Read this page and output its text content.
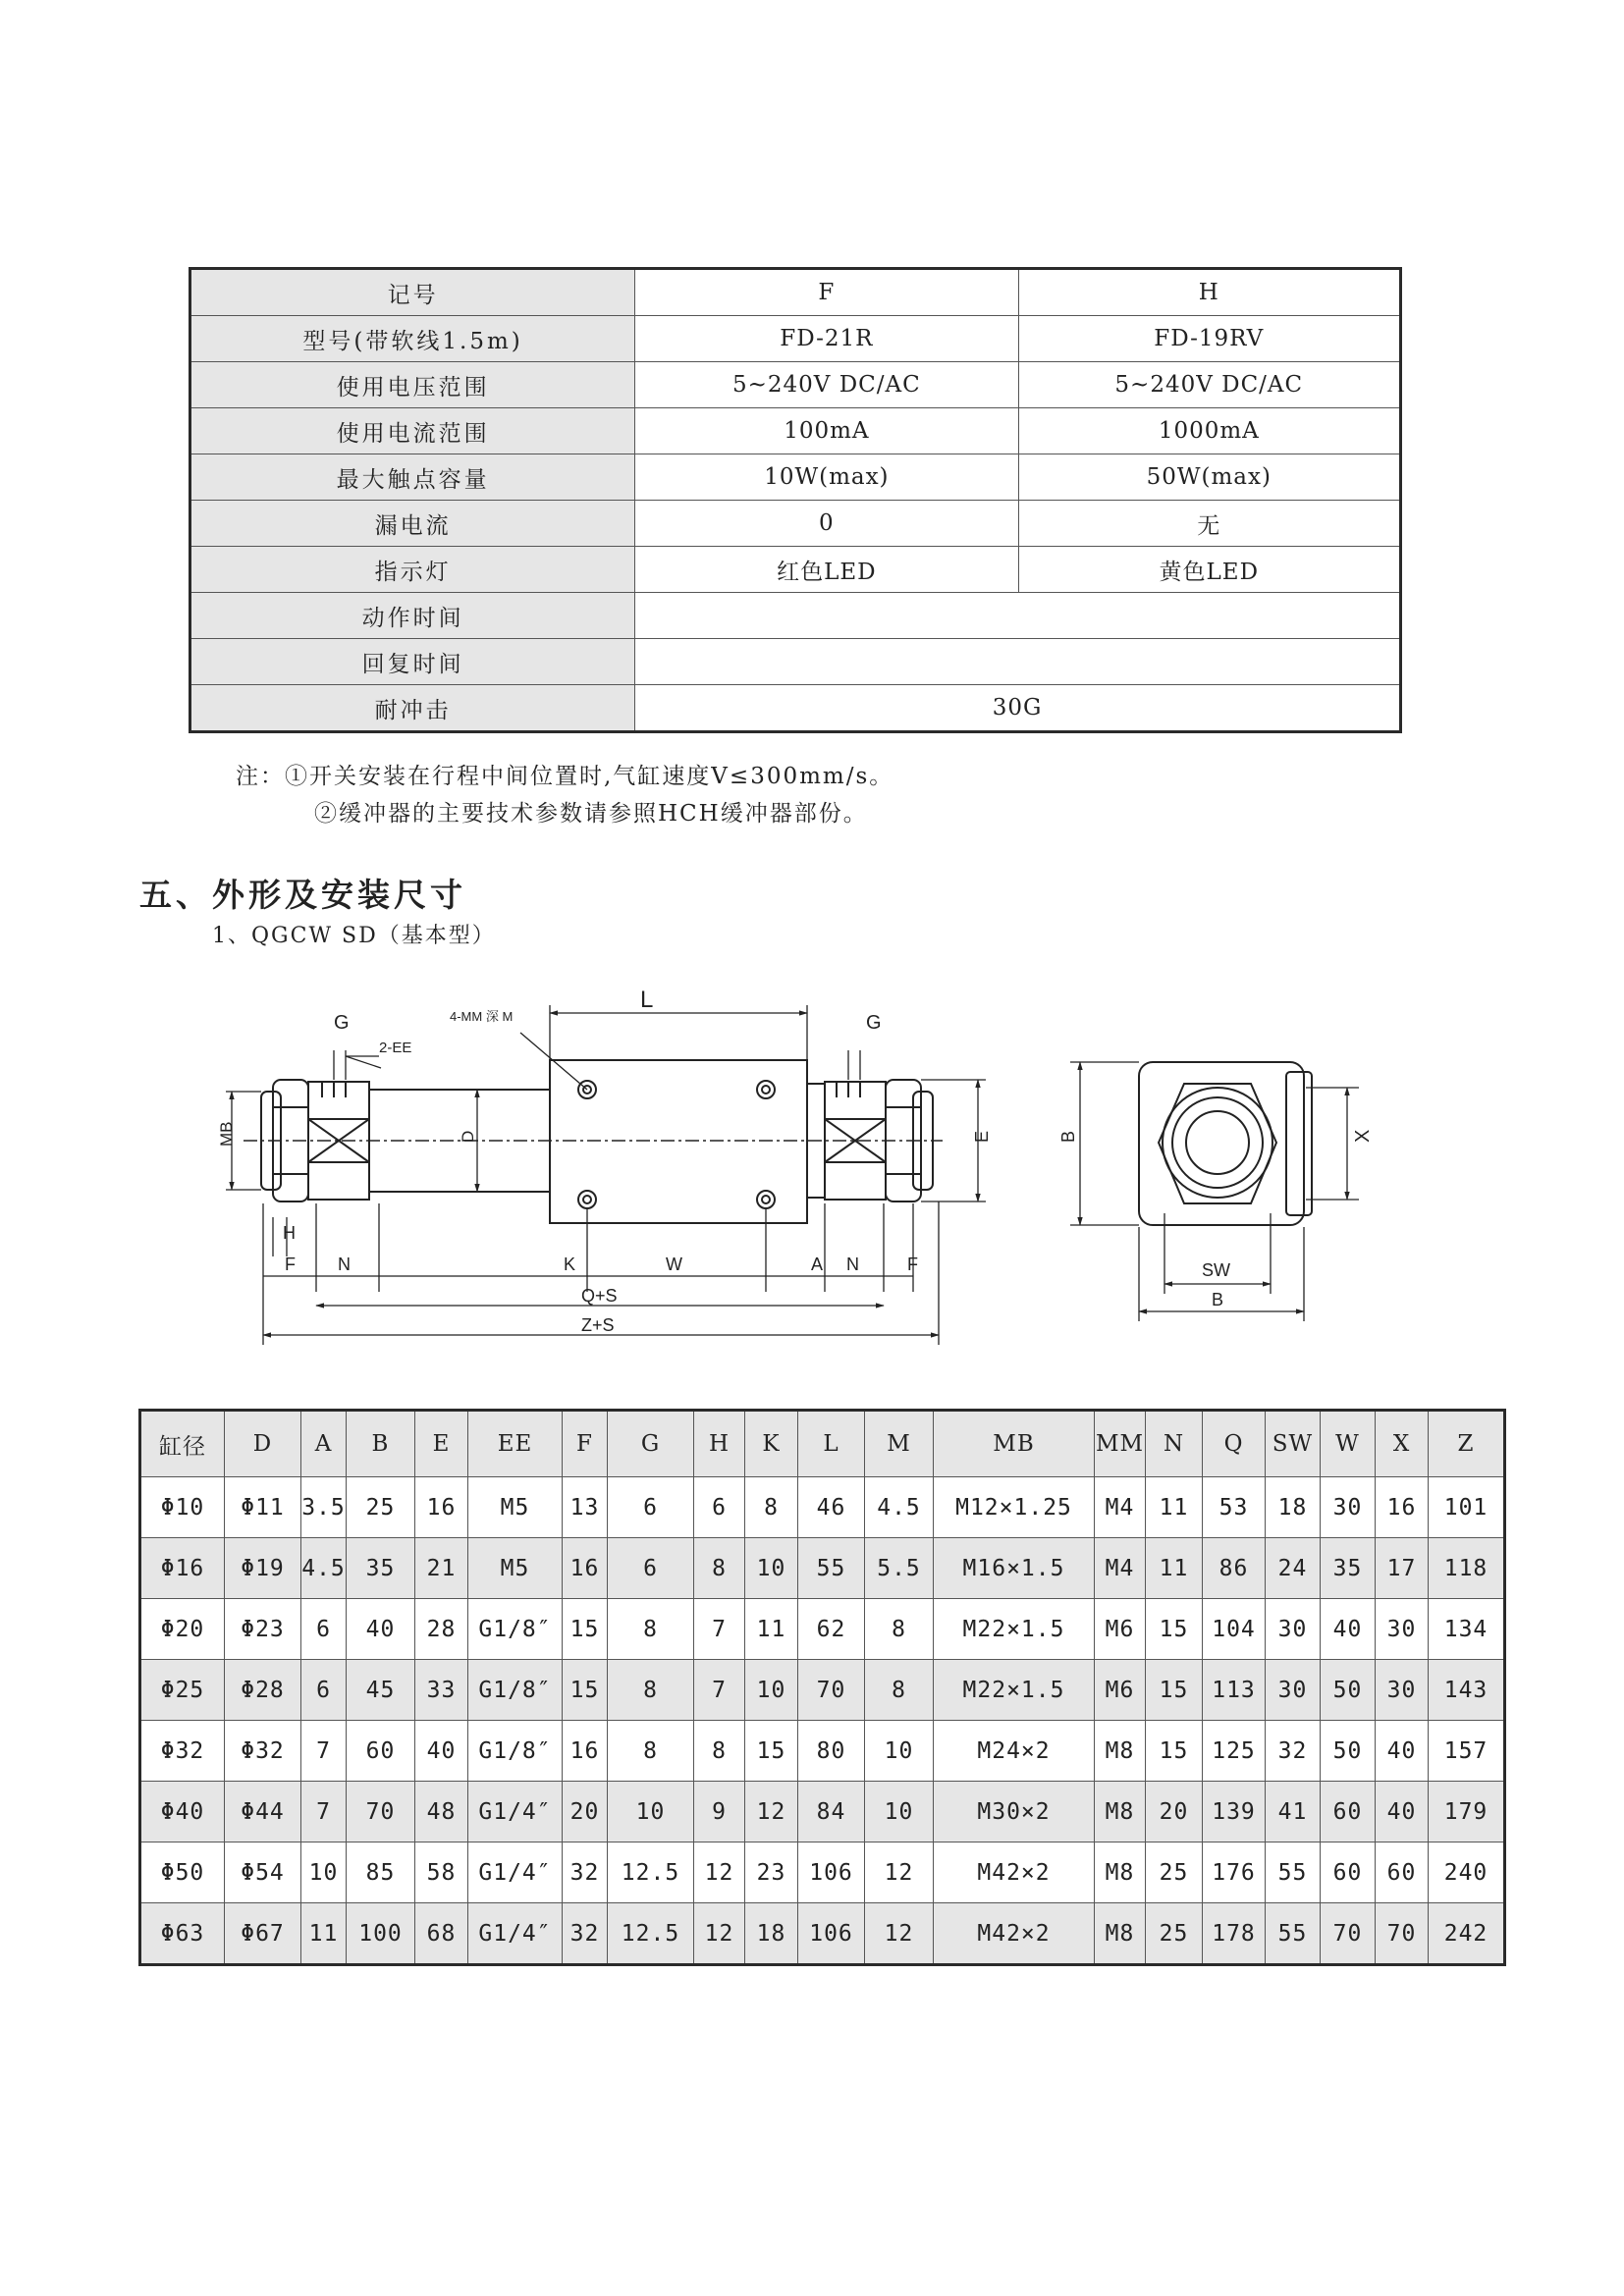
记号	F	H
型号(带软线1.5m)	FD-21R	FD-19RV
使用电压范围	5~240V DC/AC	5~240V DC/AC
使用电流范围	100mA	1000mA
最大触点容量	10W(max)	50W(max)
漏电流	0	无
指示灯	红色LED	黄色LED
动作时间		
回复时间		
耐冲击	30G	
注：①开关安装在行程中间位置时,气缸速度V≤300mm/s。
②缓冲器的主要技术参数请参照HCH缓冲器部份。
五、外形及安装尺寸
1、QGCW SD（基本型）
G
2-EE
4-MM 深 M
L
G
MB	D	E
H
F N	K	W	A N	F
Q+S
Z+S
B	X
SW
B
缸径	D	A	B	E	EE	F	G	H	K	L	M	MB	MM	N	Q	SW	W	X	Z
Φ10	Φ11	3.5	25	16	M5	13	6	6	8	46	4.5	M12×1.25	M4	11	53	18	30	16	101
Φ16	Φ19	4.5	35	21	M5	16	6	8	10	55	5.5	M16×1.5	M4	11	86	24	35	17	118
Φ20	Φ23	6	40	28	G1/8″	15	8	7	11	62	8	M22×1.5	M6	15	104	30	40	30	134
Φ25	Φ28	6	45	33	G1/8″	15	8	7	10	70	8	M22×1.5	M6	15	113	30	50	30	143
Φ32	Φ32	7	60	40	G1/8″	16	8	8	15	80	10	M24×2	M8	15	125	32	50	40	157
Φ40	Φ44	7	70	48	G1/4″	20	10	9	12	84	10	M30×2	M8	20	139	41	60	40	179
Φ50	Φ54	10	85	58	G1/4″	32	12.5	12	23	106	12	M42×2	M8	25	176	55	60	60	240
Φ63	Φ67	11	100	68	G1/4″	32	12.5	12	18	106	12	M42×2	M8	25	178	55	70	70	242
